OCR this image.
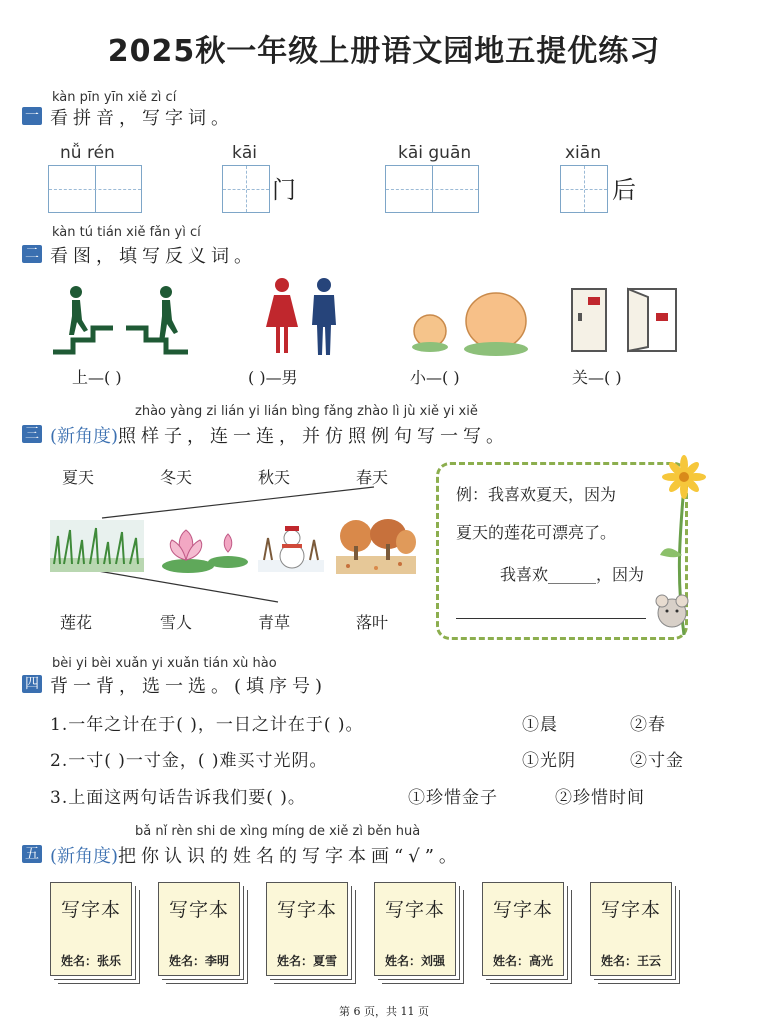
2025秋一年级上册语文园地五提优练习
kàn pīn yīn xiě zì cí
一 看拼音，写字词。
nǚ rén	kāi
门
kāi guān	xiān
后
kàn tú tián xiě fǎn yì cí
二 看图，填写反义词。
上—( )	( )—男	小—( )	关—( )
zhào yàng zi lián yi lián bìng fǎng zhào lì jù xiě yi xiě
三 (新角度)照样子，连一连，并仿照例句写一写。
夏天	冬天	秋天	春天
莲花	雪人	青草	落叶
例：我喜欢夏天，因为
夏天的莲花可漂亮了。
我喜欢______，因为
bèi yi bèi xuǎn yi xuǎn tián xù hào
四 背一背，选一选。(填序号)
1.一年之计在于( )，一日之计在于( )。	①晨	②春
2.一寸( )一寸金，( )难买寸光阴。	①光阴	②寸金
3.上面这两句话告诉我们要( )。	①珍惜金子	②珍惜时间
bǎ nǐ rèn shi de xìng míng de xiě zì běn huà
五 (新角度)把你认识的姓名的写字本画“√”。
写字本
姓名：张乐
写字本
姓名：李明
写字本
姓名：夏雪
写字本
姓名：刘强
写字本
姓名：高光
写字本
姓名：王云
第 6 页，共 11 页
